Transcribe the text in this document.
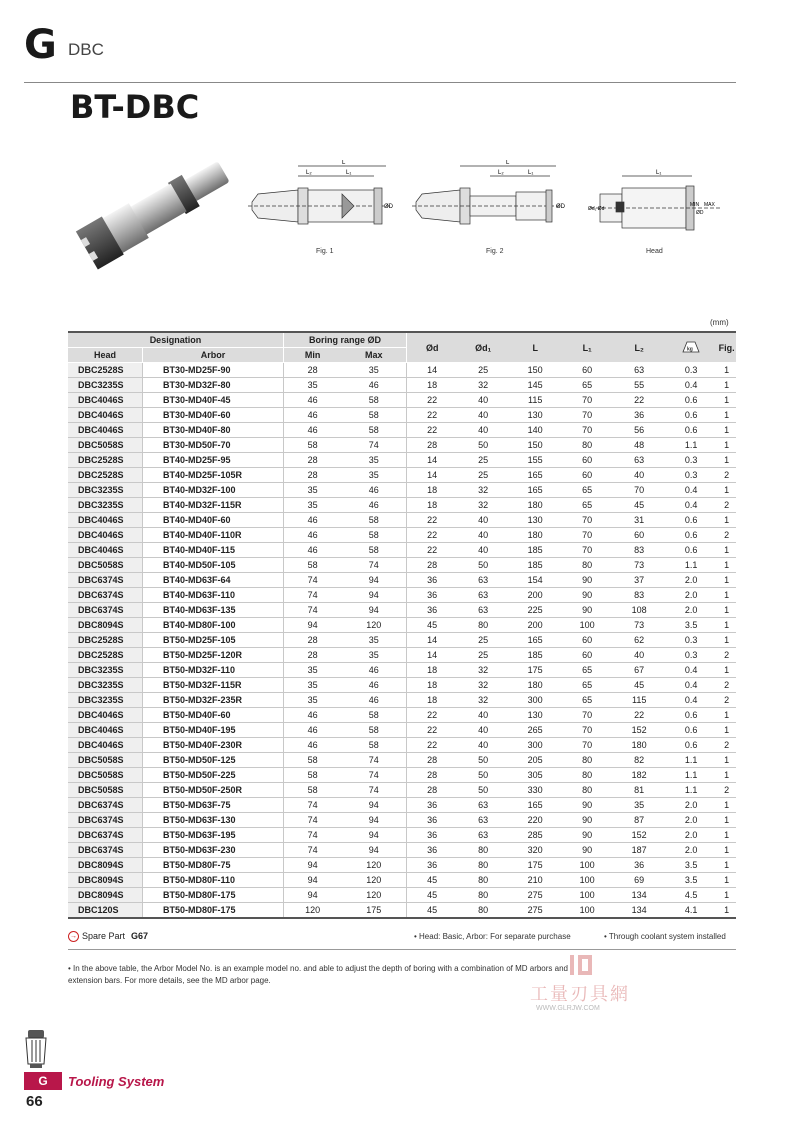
G DBC
BT-DBC
L
L₂	L₁
ØD
Fig. 1
L
L₂	L₁
ØD
Fig. 2
L₁
Ød₁ Ød
MIN MAX
ØD
Head
(mm)
Designation		Boring range ØD		Ød	Ød₁	L	L₁	L₂	kg	Fig.
Head	Arbor	Min	Max							
DBC2528S	BT30-MD25F-90	28	35	14	25	150	60	63	0.3	1
DBC3235S	BT30-MD32F-80	35	46	18	32	145	65	55	0.4	1
DBC4046S	BT30-MD40F-45	46	58	22	40	115	70	22	0.6	1
DBC4046S	BT30-MD40F-60	46	58	22	40	130	70	36	0.6	1
DBC4046S	BT30-MD40F-80	46	58	22	40	140	70	56	0.6	1
DBC5058S	BT30-MD50F-70	58	74	28	50	150	80	48	1.1	1
DBC2528S	BT40-MD25F-95	28	35	14	25	155	60	63	0.3	1
DBC2528S	BT40-MD25F-105R	28	35	14	25	165	60	40	0.3	2
DBC3235S	BT40-MD32F-100	35	46	18	32	165	65	70	0.4	1
DBC3235S	BT40-MD32F-115R	35	46	18	32	180	65	45	0.4	2
DBC4046S	BT40-MD40F-60	46	58	22	40	130	70	31	0.6	1
DBC4046S	BT40-MD40F-110R	46	58	22	40	180	70	60	0.6	2
DBC4046S	BT40-MD40F-115	46	58	22	40	185	70	83	0.6	1
DBC5058S	BT40-MD50F-105	58	74	28	50	185	80	73	1.1	1
DBC6374S	BT40-MD63F-64	74	94	36	63	154	90	37	2.0	1
DBC6374S	BT40-MD63F-110	74	94	36	63	200	90	83	2.0	1
DBC6374S	BT40-MD63F-135	74	94	36	63	225	90	108	2.0	1
DBC8094S	BT40-MD80F-100	94	120	45	80	200	100	73	3.5	1
DBC2528S	BT50-MD25F-105	28	35	14	25	165	60	62	0.3	1
DBC2528S	BT50-MD25F-120R	28	35	14	25	185	60	40	0.3	2
DBC3235S	BT50-MD32F-110	35	46	18	32	175	65	67	0.4	1
DBC3235S	BT50-MD32F-115R	35	46	18	32	180	65	45	0.4	2
DBC3235S	BT50-MD32F-235R	35	46	18	32	300	65	115	0.4	2
DBC4046S	BT50-MD40F-60	46	58	22	40	130	70	22	0.6	1
DBC4046S	BT50-MD40F-195	46	58	22	40	265	70	152	0.6	1
DBC4046S	BT50-MD40F-230R	46	58	22	40	300	70	180	0.6	2
DBC5058S	BT50-MD50F-125	58	74	28	50	205	80	82	1.1	1
DBC5058S	BT50-MD50F-225	58	74	28	50	305	80	182	1.1	1
DBC5058S	BT50-MD50F-250R	58	74	28	50	330	80	81	1.1	2
DBC6374S	BT50-MD63F-75	74	94	36	63	165	90	35	2.0	1
DBC6374S	BT50-MD63F-130	74	94	36	63	220	90	87	2.0	1
DBC6374S	BT50-MD63F-195	74	94	36	63	285	90	152	2.0	1
DBC6374S	BT50-MD63F-230	74	94	36	80	320	90	187	2.0	1
DBC8094S	BT50-MD80F-75	94	120	36	80	175	100	36	3.5	1
DBC8094S	BT50-MD80F-110	94	120	45	80	210	100	69	3.5	1
DBC8094S	BT50-MD80F-175	94	120	45	80	275	100	134	4.5	1
DBC120S	BT50-MD80F-175	120	175	45	80	275	100	134	4.1	1
→ Spare Part G67	• Head: Basic, Arbor: For separate purchase	• Through coolant system installed
• In the above table, the Arbor Model No. is an example model no. and able to adjust the depth of boring with a combination of MD arbors and extension bars. For more details, see the MD arbor page.
工量刃具網
WWW.GLRJW.COM
G	Tooling System
66
